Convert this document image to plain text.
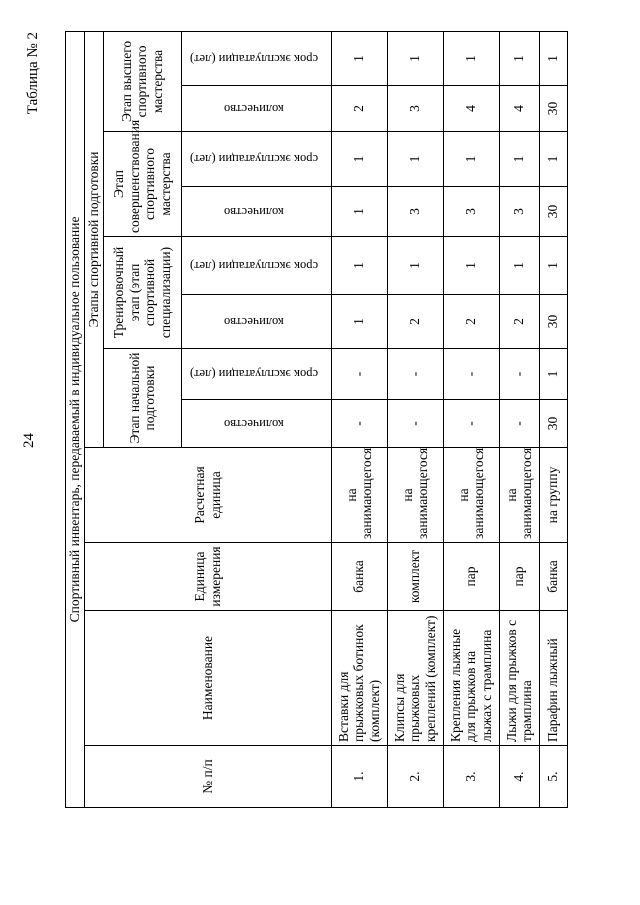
24
Таблица № 2
Спортивный инвентарь, передаваемый в индивидуальное пользование											
№ п/п	Наименование	Единица измерения	Расчетная единица	Этапы спортивной подготовки							
				Этап начальной подготовки		Тренировочный этап (этап спортивной специализации)		Этап совершенствования спортивного мастерства		Этап высшего спортивного мастерства	
				количество	срок эксплуатации (лет)	количество	срок эксплуатации (лет)	количество	срок эксплуатации (лет)	количество	срок эксплуатации (лет)
1.	Вставки для прыжковых ботинок (комплект)	банка	на занимающегося	-	-	1	1	1	1	2	1
2.	Клипсы для прыжковых креплений (комплект)	комплект	на занимающегося	-	-	2	1	3	1	3	1
3.	Крепления лыжные для прыжков на лыжах с трамплина	пар	на занимающегося	-	-	2	1	3	1	4	1
4.	Лыжи для прыжков с трамплина	пар	на занимающегося	-	-	2	1	3	1	4	1
5.	Парафин лыжный	банка	на группу	30	1	30	1	30	1	30	1
